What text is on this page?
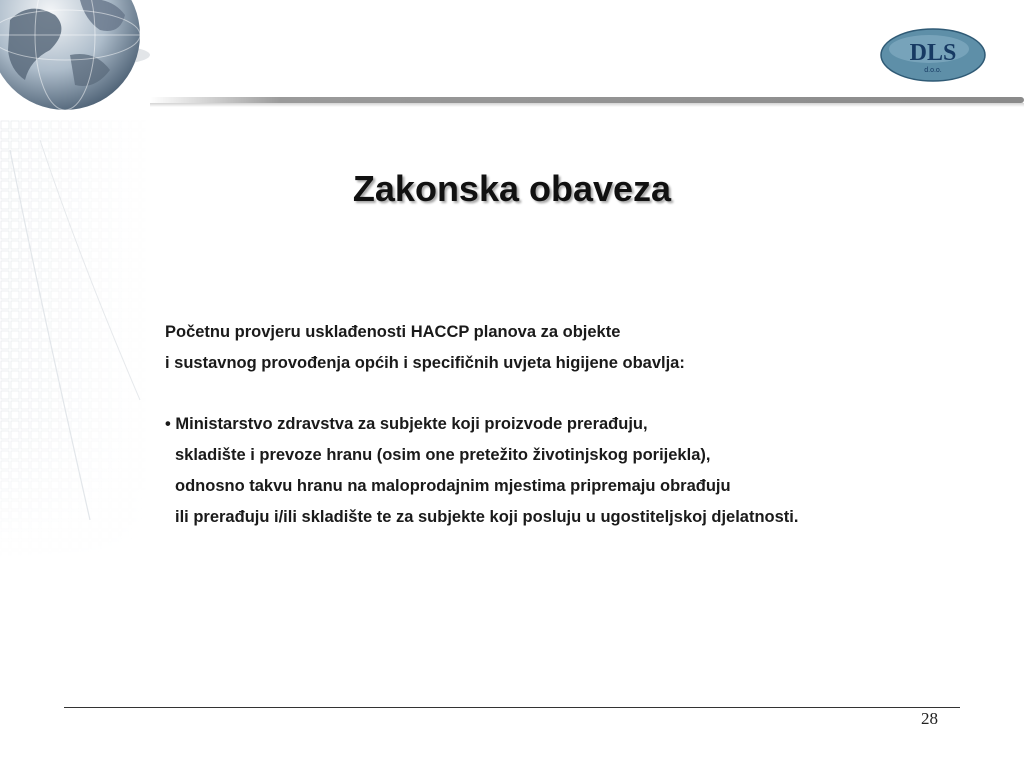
DLS
d.o.o.
Zakonska obaveza

Početnu provjeru usklađenosti HACCP planova za objekte

i sustavnog provođenja općih i specifičnih uvjeta higijene obavlja:

• Ministarstvo zdravstva za subjekte koji proizvode prerađuju,

skladište i prevoze hranu (osim one pretežito životinjskog porijekla),

odnosno takvu hranu na maloprodajnim mjestima pripremaju obrađuju

ili prerađuju i/ili skladište te za subjekte koji posluju u ugostiteljskoj djelatnosti.

28
